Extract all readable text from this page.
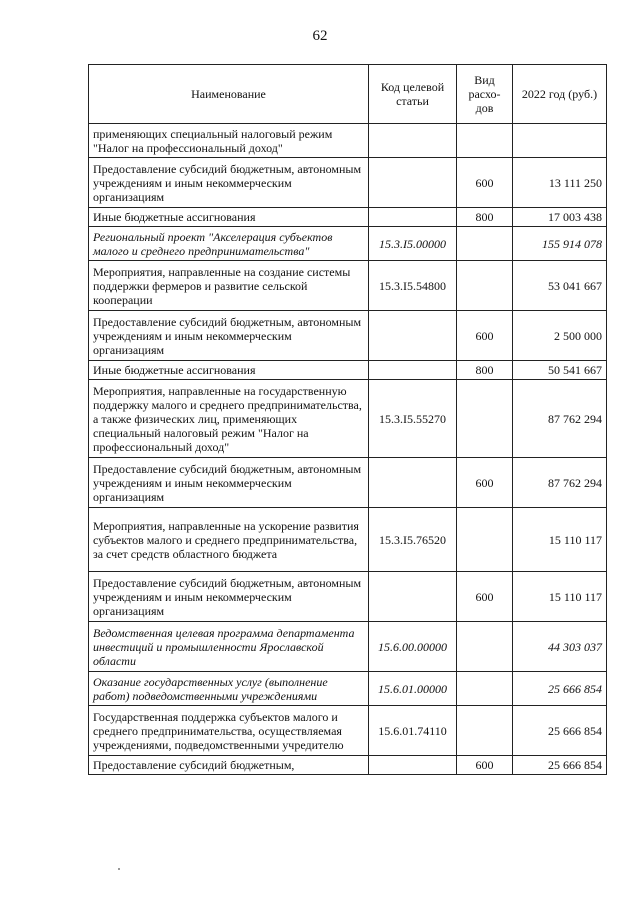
62
Наименование	Код целевой статьи	Вид расхо-дов	2022 год (руб.)
применяющих специальный налоговый режим "Налог на профессиональный доход"			
Предоставление субсидий бюджетным, автономным учреждениям и иным некоммерческим организациям		600	13 111 250
Иные бюджетные ассигнования		800	17 003 438
Региональный проект "Акселерация субъектов малого и среднего предпринимательства"	15.3.I5.00000		155 914 078
Мероприятия, направленные на создание системы поддержки фермеров и развитие сельской кооперации	15.3.I5.54800		53 041 667
Предоставление субсидий бюджетным, автономным учреждениям и иным некоммерческим организациям		600	2 500 000
Иные бюджетные ассигнования		800	50 541 667
Мероприятия, направленные на государственную поддержку малого и среднего предпринимательства, а также физических лиц, применяющих специальный налоговый режим "Налог на профессиональный доход"	15.3.I5.55270		87 762 294
Предоставление субсидий бюджетным, автономным учреждениям и иным некоммерческим организациям		600	87 762 294
Мероприятия, направленные на ускорение развития субъектов малого и среднего предпринимательства, за счет средств областного бюджета	15.3.I5.76520		15 110 117
Предоставление субсидий бюджетным, автономным учреждениям и иным некоммерческим организациям		600	15 110 117
Ведомственная целевая программа департамента инвестиций и промышленности Ярославской области	15.6.00.00000		44 303 037
Оказание государственных услуг (выполнение работ) подведомственными учреждениями	15.6.01.00000		25 666 854
Государственная поддержка субъектов малого и среднего предпринимательства, осуществляемая учреждениями, подведомственными учредителю	15.6.01.74110		25 666 854
Предоставление субсидий бюджетным,		600	25 666 854
